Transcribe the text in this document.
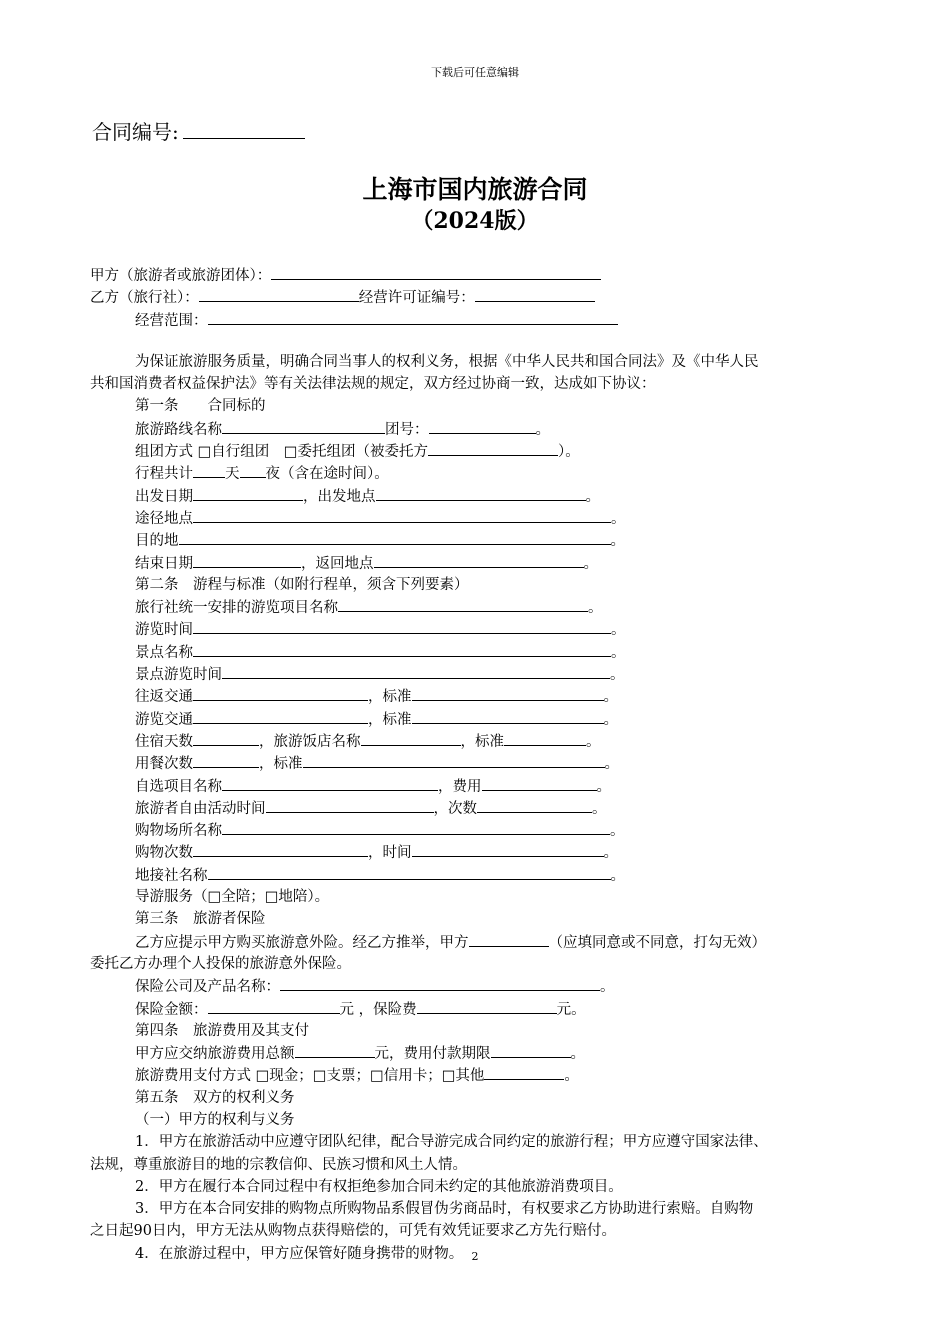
下载后可任意编辑
合同编号:
上海市国内旅游合同
（2024版）
甲方（旅游者或旅游团体）：
乙方（旅行社）：	经营许可证编号：
经营范围：
为保证旅游服务质量，明确合同当事人的权利义务，根据《中华人民共和国合同法》及《中华人民
共和国消费者权益保护法》等有关法律法规的规定，双方经过协商一致，达成如下协议：
第一条　　合同标的
旅游路线名称	团号：	。
组团方式 □自行组团　□委托组团（被委托方	）。
行程共计 天 夜（含在途时间）。
出发日期	，出发地点	。
途径地点	。
目的地	。
结束日期	，返回地点	。
第二条　游程与标准（如附行程单，须含下列要素）
旅行社统一安排的游览项目名称	。
游览时间	。
景点名称	。
景点游览时间	。
往返交通	，标准	。
游览交通	，标准	。
住宿天数	，旅游饭店名称	，标准	。
用餐次数	，标准	。
自选项目名称	，费用	。
旅游者自由活动时间	，次数	。
购物场所名称	。
购物次数	，时间	。
地接社名称	。
导游服务（□全陪；□地陪）。
第三条　旅游者保险
乙方应提示甲方购买旅游意外险。经乙方推举，甲方	（应填同意或不同意，打勾无效）
委托乙方办理个人投保的旅游意外保险。
保险公司及产品名称：	。
保险金额：	元 ，保险费	元。
第四条　旅游费用及其支付
甲方应交纳旅游费用总额	元，费用付款期限	。
旅游费用支付方式 □现金；□支票；□信用卡；□其他	。
第五条　双方的权利义务
（一）甲方的权利与义务
1．甲方在旅游活动中应遵守团队纪律，配合导游完成合同约定的旅游行程；甲方应遵守国家法律、
法规，尊重旅游目的地的宗教信仰、民族习惯和风土人情。
2．甲方在履行本合同过程中有权拒绝参加合同未约定的其他旅游消费项目。
3．甲方在本合同安排的购物点所购物品系假冒伪劣商品时，有权要求乙方协助进行索赔。自购物
之日起90日内，甲方无法从购物点获得赔偿的，可凭有效凭证要求乙方先行赔付。
4．在旅游过程中，甲方应保管好随身携带的财物。 2
